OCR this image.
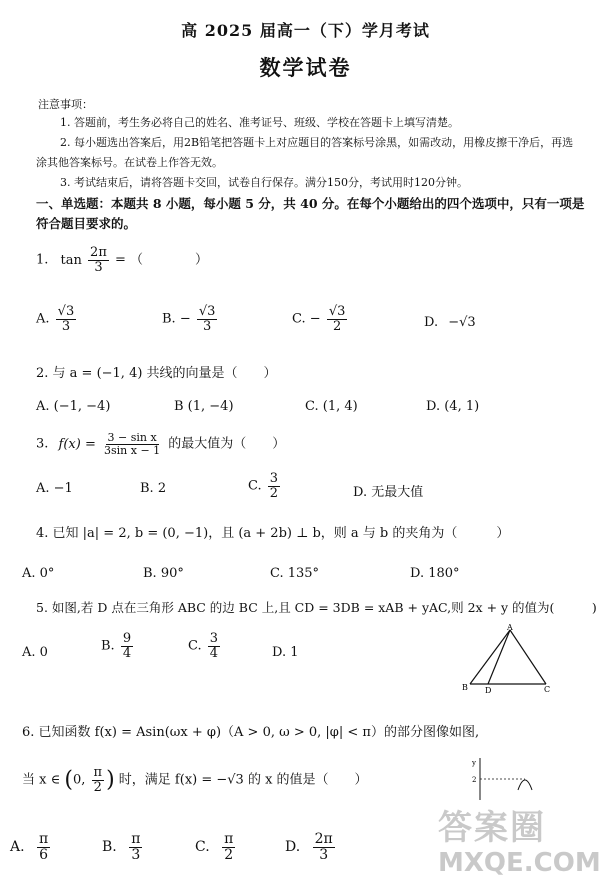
高 2025 届高一（下）学月考试
数学试卷
注意事项：
1. 答题前，考生务必将自己的姓名、准考证号、班级、学校在答题卡上填写清楚。
2. 每小题选出答案后，用2B铅笔把答题卡上对应题目的答案标号涂黑，如需改动，用橡皮擦干净后，再选涂其他答案标号。在试卷上作答无效。
3. 考试结束后，请将答题卡交回，试卷自行保存。满分150分，考试用时120分钟。
一、单选题：本题共 8 小题，每小题 5 分，共 40 分。在每个小题给出的四个选项中，只有一项是符合题目要求的。
1. $\tan \frac{2\pi}{3}$ = （　　　　）
A. $\frac{√3}{3}$	B. − $\frac{√3}{3}$	C. − $\frac{√3}{2}$	D. −√3
2. 与 a = (−1, 4) 共线的向量是（　　）
A. (−1, −4)	B (1, −4)	C. (1, 4)	D. (4, 1)
3. $f(x) = \frac{\text{3 − sin x}}{\text{3sin x − 1}}$ 的最大值为（　　）
A. −1	B. 2	C. $\frac{3}{2}$	D. 无最大值
4. 已知 |a| = 2, b = (0, −1)，且 (a + 2b) ⊥ b，则 a 与 b 的夹角为（　　　）
A. 0°	B. 90°	C. 135°	D. 180°
5. 如图,若 D 点在三角形 ABC 的边 BC 上,且 CD = 3DB = xAB + yAC,则 2x + y 的值为(　　　)
A. 0	B. $\frac{9}{4}$	C. $\frac{3}{4}$	D. 1
A
B	C
D
6. 已知函数 f(x) = Asin(ωx + φ)（A > 0, ω > 0, |φ| < π）的部分图像如图,
当 x ∈ (0, $\frac{\pi}{2}$ ) 时，满足 f(x) = −√3 的 x 的值是（　　）
y
2
A. $\frac{\pi}{6}$	B. $\frac{\pi}{3}$	C. $\frac{\pi}{2}$	D. $\frac{2\pi}{3}$	答案圈
MXQE.COM
